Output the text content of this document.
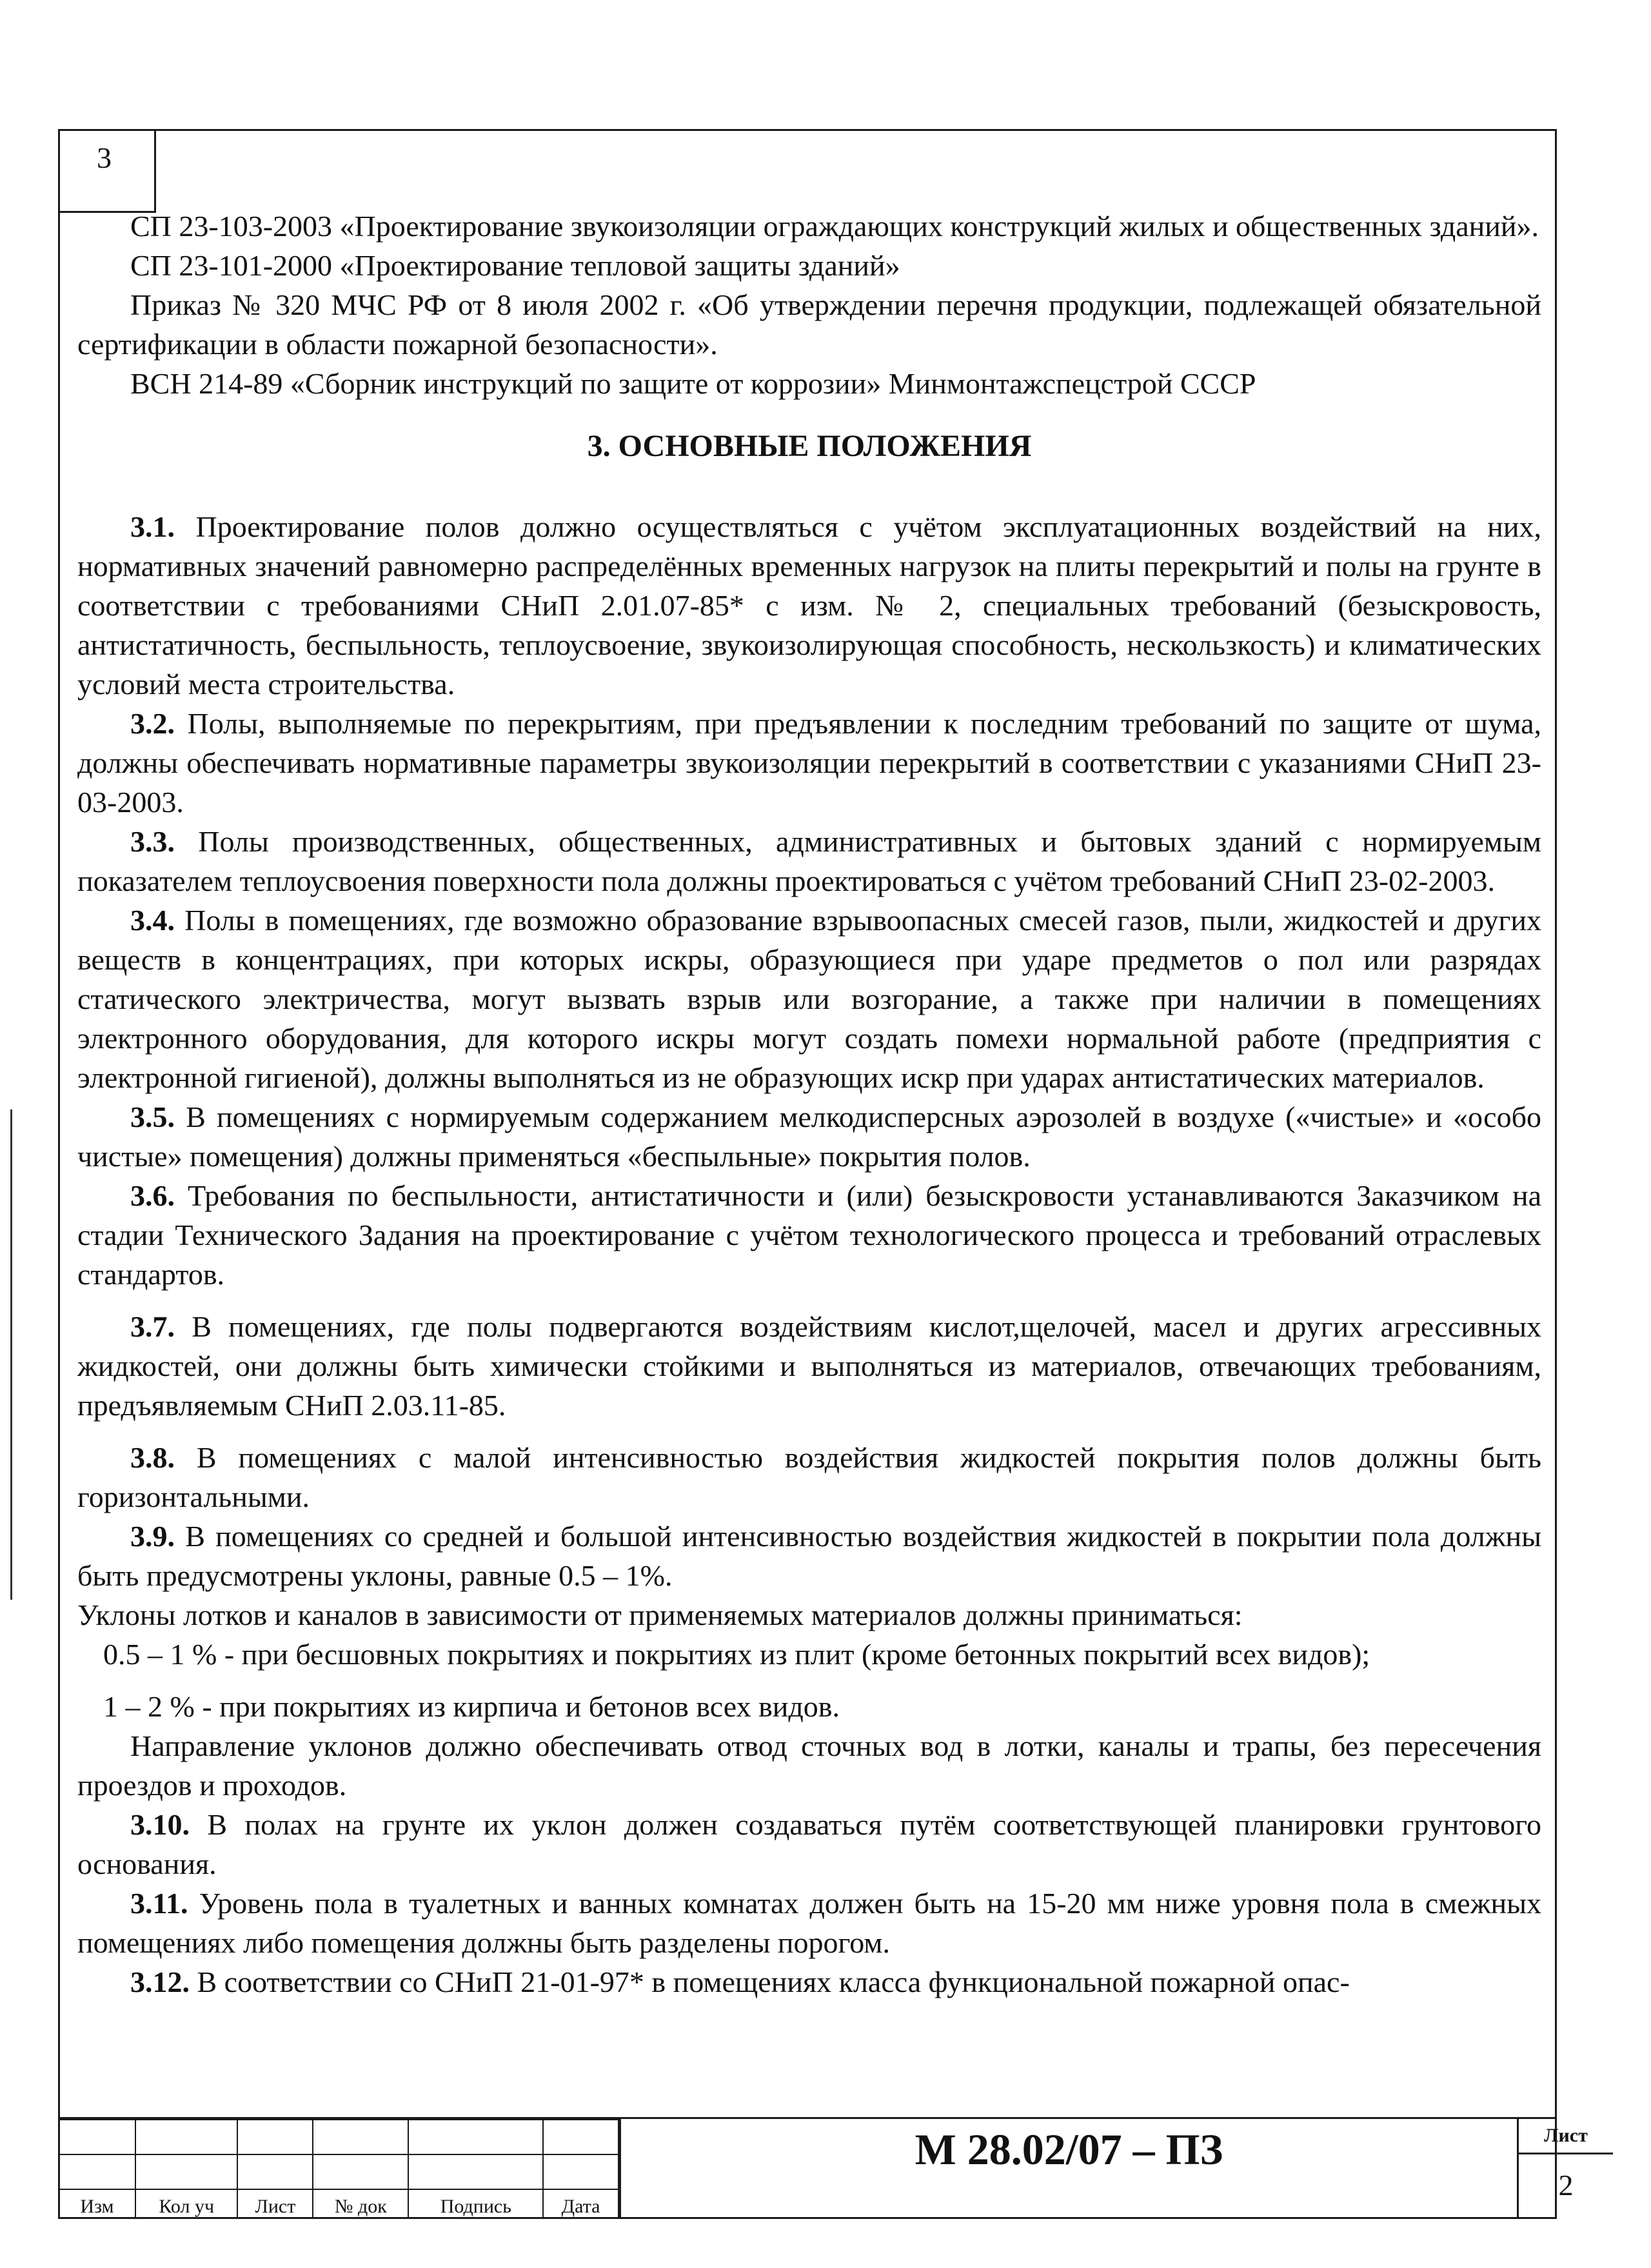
3

СП 23-103-2003 «Проектирование звукоизоляции ограждающих конструкций жилых и общественных зданий».

СП 23-101-2000 «Проектирование тепловой защиты зданий»

Приказ № 320 МЧС РФ от 8 июля 2002 г. «Об утверждении перечня продукции, подлежащей обязательной сертификации в области пожарной безопасности».

ВСН 214-89 «Сборник инструкций по защите от коррозии» Минмонтажспецстрой СССР

3. ОСНОВНЫЕ ПОЛОЖЕНИЯ

3.1. Проектирование полов должно осуществляться с учётом эксплуатационных воздействий на них, нормативных значений равномерно распределённых временных нагрузок на плиты перекрытий и полы на грунте в соответствии с требованиями СНиП 2.01.07-85* с изм. № 2, специальных требований (безыскровость, антистатичность, беспыльность, теплоусвоение, звукоизолирующая способность, нескользкость) и климатических условий места строительства.

3.2. Полы, выполняемые по перекрытиям, при предъявлении к последним требований по защите от шума, должны обеспечивать нормативные параметры звукоизоляции перекрытий в соответствии с указаниями СНиП 23-03-2003.

3.3. Полы производственных, общественных, административных и бытовых зданий с нормируемым показателем теплоусвоения поверхности пола должны проектироваться с учётом требований СНиП 23-02-2003.

3.4. Полы в помещениях, где возможно образование взрывоопасных смесей газов, пыли, жидкостей и других веществ в концентрациях, при которых искры, образующиеся при ударе предметов о пол или разрядах статического электричества, могут вызвать взрыв или возгорание, а также при наличии в помещениях электронного оборудования, для которого искры могут создать помехи нормальной работе (предприятия с электронной гигиеной), должны выполняться из не образующих искр при ударах антистатических материалов.

3.5. В помещениях с нормируемым содержанием мелкодисперсных аэрозолей в воздухе («чистые» и «особо чистые» помещения) должны применяться «беспыльные» покрытия полов.

3.6. Требования по беспыльности, антистатичности и (или) безыскровости устанавливаются Заказчиком на стадии Технического Задания на проектирование с учётом технологического процесса и требований отраслевых стандартов.

3.7. В помещениях, где полы подвергаются воздействиям кислот,щелочей, масел и других агрессивных жидкостей, они должны быть химически стойкими и выполняться из материалов, отвечающих требованиям, предъявляемым СНиП 2.03.11-85.

3.8. В помещениях с малой интенсивностью воздействия жидкостей покрытия полов должны быть горизонтальными.

3.9. В помещениях со средней и большой интенсивностью воздействия жидкостей в покрытии пола должны быть предусмотрены уклоны, равные 0.5 – 1%.

Уклоны лотков и каналов в зависимости от применяемых материалов должны приниматься:

0.5 – 1 % - при бесшовных покрытиях и покрытиях из плит (кроме бетонных покрытий всех видов);

1 – 2 % - при покрытиях из кирпича и бетонов всех видов.

Направление уклонов должно обеспечивать отвод сточных вод в лотки, каналы и трапы, без пересечения проездов и проходов.

3.10. В полах на грунте их уклон должен создаваться путём соответствующей планировки грунтового основания.

3.11. Уровень пола в туалетных и ванных комнатах должен быть на 15-20 мм ниже уровня пола в смежных помещениях либо помещения должны быть разделены порогом.

3.12. В соответствии со СНиП 21-01-97* в помещениях класса функциональной пожарной опас-

Изм	Кол уч	Лист	№ док	Подпись	Дата
М 28.02/07 – ПЗ	Лист
2
